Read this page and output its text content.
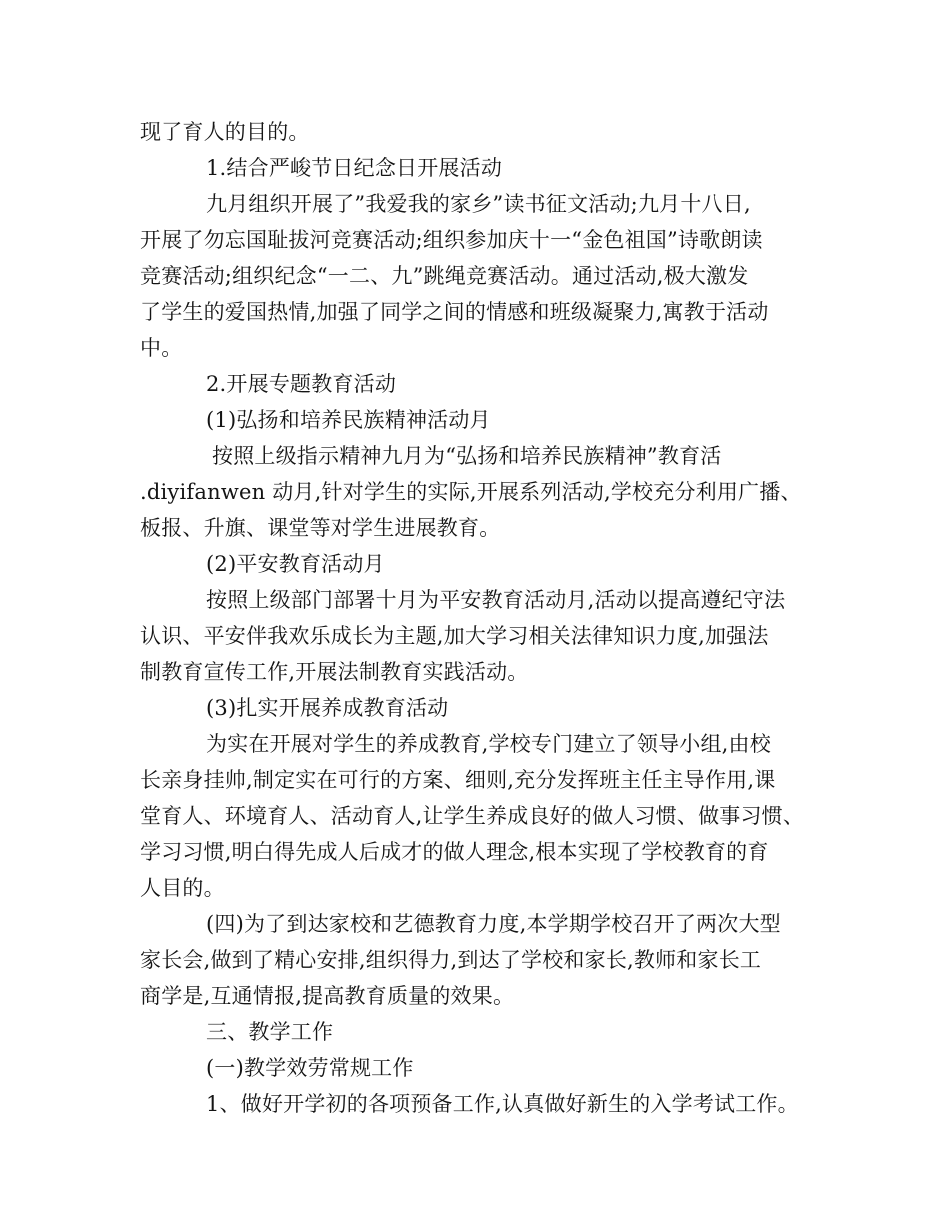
现了育人的目的。
1.结合严峻节日纪念日开展活动
九月组织开展了”我爱我的家乡”读书征文活动;九月十八日,
开展了勿忘国耻拔河竞赛活动;组织参加庆十一“金色祖国”诗歌朗读
竞赛活动;组织纪念“一二、九”跳绳竞赛活动。通过活动,极大激发
了学生的爱国热情,加强了同学之间的情感和班级凝聚力,寓教于活动
中。
2.开展专题教育活动
(1)弘扬和培养民族精神活动月
按照上级指示精神九月为“弘扬和培养民族精神”教育活
.diyifanwen 动月,针对学生的实际,开展系列活动,学校充分利用广播、
板报、升旗、课堂等对学生进展教育。
(2)平安教育活动月
按照上级部门部署十月为平安教育活动月,活动以提高遵纪守法
认识、平安伴我欢乐成长为主题,加大学习相关法律知识力度,加强法
制教育宣传工作,开展法制教育实践活动。
(3)扎实开展养成教育活动
为实在开展对学生的养成教育,学校专门建立了领导小组,由校
长亲身挂帅,制定实在可行的方案、细则,充分发挥班主任主导作用,课
堂育人、环境育人、活动育人,让学生养成良好的做人习惯、做事习惯、
学习习惯,明白得先成人后成才的做人理念,根本实现了学校教育的育
人目的。
(四)为了到达家校和艺德教育力度,本学期学校召开了两次大型
家长会,做到了精心安排,组织得力,到达了学校和家长,教师和家长工
商学是,互通情报,提高教育质量的效果。
三、教学工作
(一)教学效劳常规工作
1、做好开学初的各项预备工作,认真做好新生的入学考试工作。
